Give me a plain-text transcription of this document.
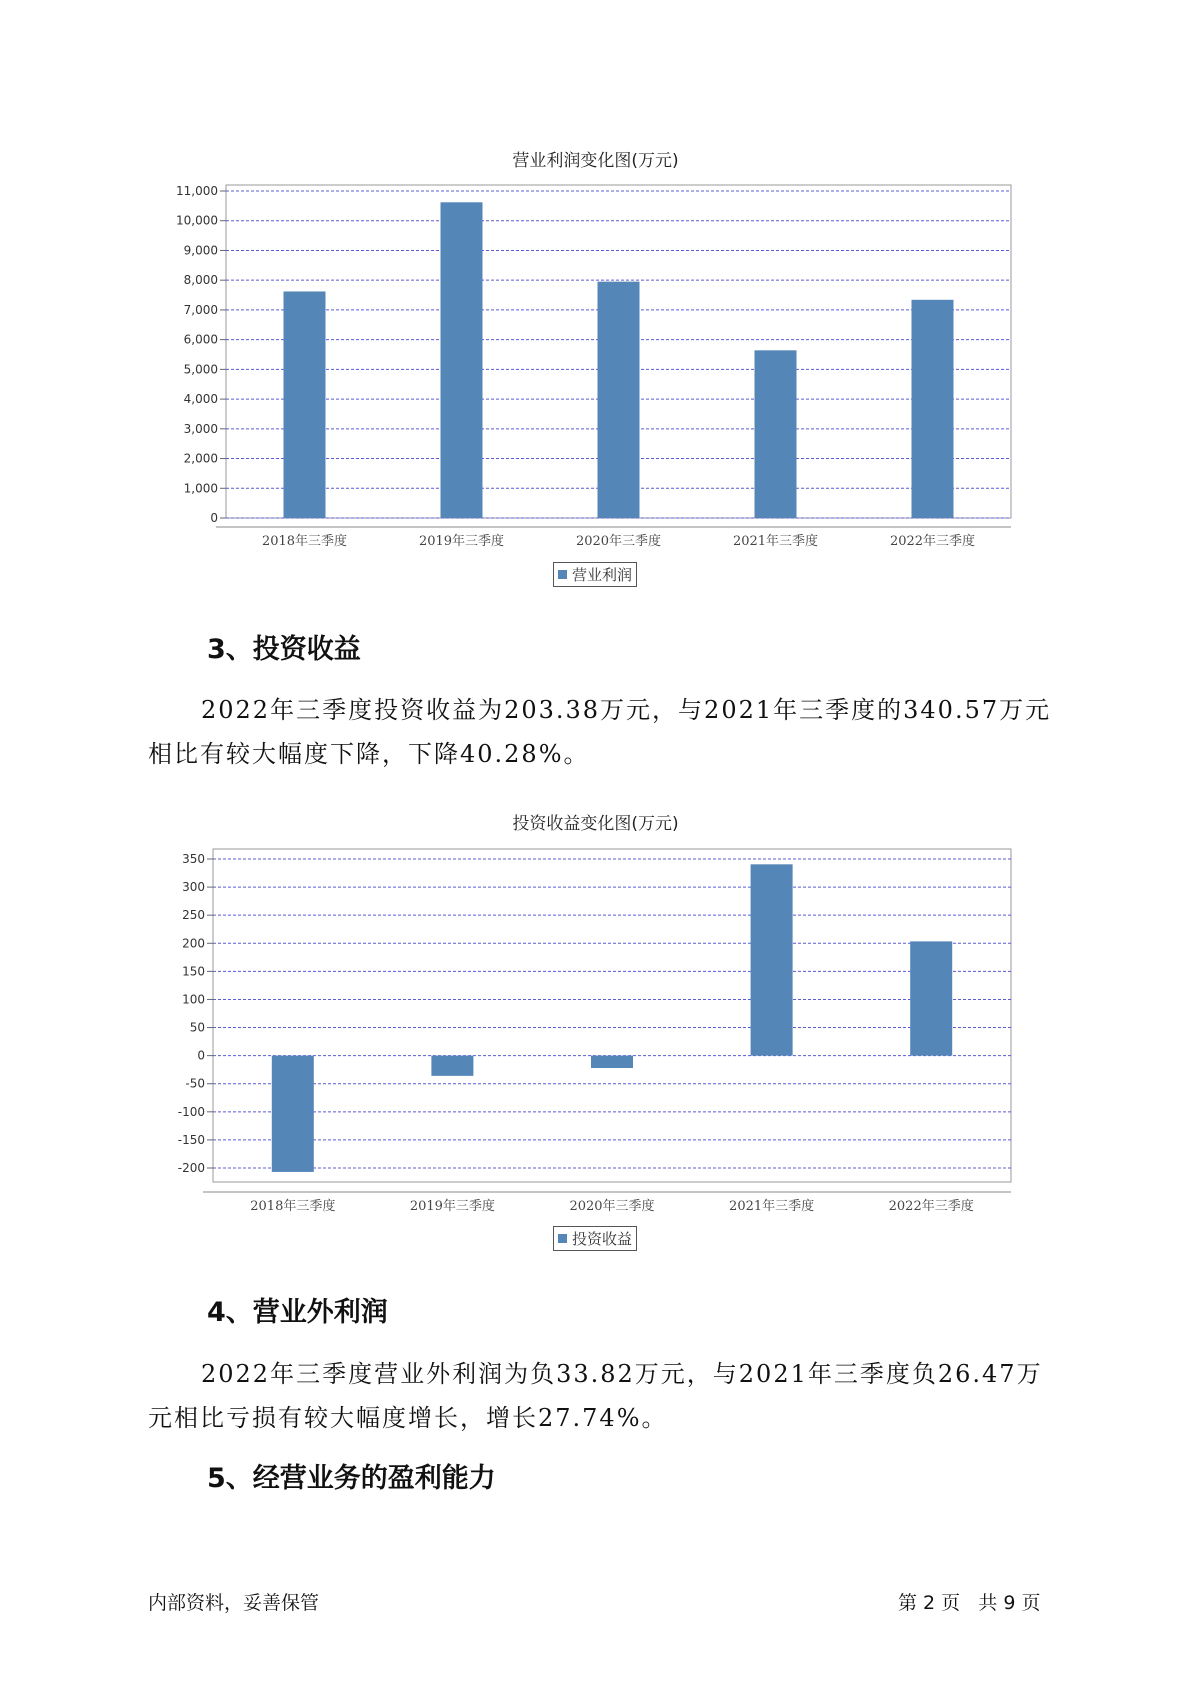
营业利润变化图(万元)
0
1,000
2,000
3,000
4,000
5,000
6,000
7,000
8,000
9,000
10,000
11,000
2018年三季度	2019年三季度	2020年三季度	2021年三季度	2022年三季度
营业利润
3、投资收益
2022年三季度投资收益为203.38万元，与2021年三季度的340.57万元
相比有较大幅度下降，下降40.28%。
投资收益变化图(万元)
350
300
250
200
150
100
50
0
-50
-100
-150
-200
2018年三季度	2019年三季度	2020年三季度	2021年三季度	2022年三季度
投资收益
4、营业外利润
2022年三季度营业外利润为负33.82万元，与2021年三季度负26.47万
元相比亏损有较大幅度增长，增长27.74%。
5、经营业务的盈利能力
内部资料，妥善保管	第 2 页   共 9 页
